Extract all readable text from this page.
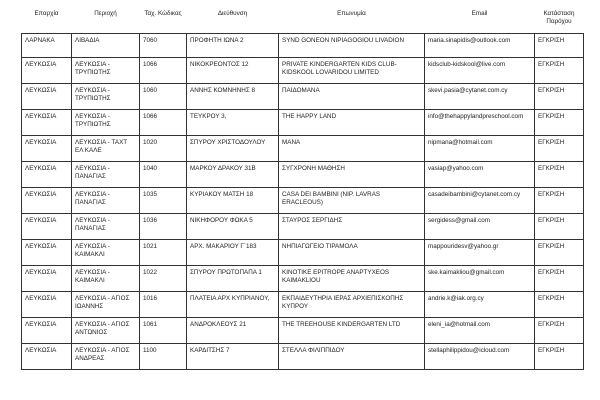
Επαρχία	Περιοχή	Ταχ. Κώδικας	Διεύθυνση	Επωνυμία	Email	Κατάσταση Παρόχου
ΛΑΡΝΑΚΑ	ΛΙΒΑΔΙΑ	7060	ΠΡΟΦΗΤΗ ΙΩΝΑ 2	SYND GONEON NIPIAGOGIOU LIVADION	maria.sinapidis@outlook.com	ΕΓΚΡΙΣΗ
ΛΕΥΚΩΣΙΑ	ΛΕΥΚΩΣΙΑ - ΤΡΥΠΙΩΤΗΣ	1066	ΝΙΚΟΚΡΕΟΝΤΟΣ 12	PRIVATE KINDERGARTEN KIDS CLUB-KIDSKOOL LOVARIDOU LIMITED	kidsclub-kidskool@live.com	ΕΓΚΡΙΣΗ
ΛΕΥΚΩΣΙΑ	ΛΕΥΚΩΣΙΑ - ΤΡΥΠΙΩΤΗΣ	1060	ΑΝΝΗΣ ΚΟΜΝΗΝΗΣ 8	ΠΑΙΔΟΜΑΝΑ	skevi.pasia@cytanet.com.cy	ΕΓΚΡΙΣΗ
ΛΕΥΚΩΣΙΑ	ΛΕΥΚΩΣΙΑ - ΤΡΥΠΙΩΤΗΣ	1066	ΤΕΥΚΡΟΥ 3,	THE HAPPY LAND	info@thehappylandpreschool.com	ΕΓΚΡΙΣΗ
ΛΕΥΚΩΣΙΑ	ΛΕΥΚΩΣΙΑ - ΤΑΧΤ ΕΛ ΚΑΛΕ	1020	ΣΠΥΡΟΥ ΧΡΙΣΤΟΔΟΥΛΟΥ	ΜΑΝΑ	nipmana@hotmail.com	ΕΓΚΡΙΣΗ
ΛΕΥΚΩΣΙΑ	ΛΕΥΚΩΣΙΑ - ΠΑΝΑΓΙΑΣ	1040	ΜΑΡΚΟΥ ΔΡΑΚΟΥ 31Β	ΣΥΓΧΡΟΝΗ ΜΑΘΗΣΗ	vasiap@yahoo.com	ΕΓΚΡΙΣΗ
ΛΕΥΚΩΣΙΑ	ΛΕΥΚΩΣΙΑ - ΠΑΝΑΓΙΑΣ	1035	ΚΥΡΙΑΚΟΥ ΜΑΤΣΗ 18	CASA DEI BAMBINI (NIP. LAVRAS ERACLEOUS)	casadeibambini@cytanet.com.cy	ΕΓΚΡΙΣΗ
ΛΕΥΚΩΣΙΑ	ΛΕΥΚΩΣΙΑ - ΠΑΝΑΓΙΑΣ	1036	ΝΙΚΗΦΟΡΟΥ ΦΩΚΑ 5	ΣΤΑΥΡΟΣ ΣΕΡΓΙΔΗΣ	sergidess@gmail.com	ΕΓΚΡΙΣΗ
ΛΕΥΚΩΣΙΑ	ΛΕΥΚΩΣΙΑ - ΚΑΙΜΑΚΛΙ	1021	ΑΡΧ. ΜΑΚΑΡΙΟΥ Γ΄183	ΝΗΠΙΑΓΩΓΕΙΟ ΤΙΡΑΜΟΛΑ	mappouridesv@yahoo.gr	ΕΓΚΡΙΣΗ
ΛΕΥΚΩΣΙΑ	ΛΕΥΚΩΣΙΑ - ΚΑΙΜΑΚΛΙ	1022	ΣΠΥΡΟΥ ΠΡΩΤΟΠΑΠΑ 1	KINOTIKE EPITROPE ANAPTYXEOS KAIMAKLIOU	ske.kaimakliou@gmail.com	ΕΓΚΡΙΣΗ
ΛΕΥΚΩΣΙΑ	ΛΕΥΚΩΣΙΑ - ΑΓΙΟΣ ΙΩΑΝΝΗΣ	1016	ΠΛΑΤΕΙΑ ΑΡΧ ΚΥΠΡΙΑΝΟΥ,	ΕΚΠΑΙΔΕΥΤΗΡΙΑ ΙΕΡΑΣ ΑΡΧΙΕΠΙΣΚΟΠΗΣ ΚΥΠΡΟΥ	andrie.k@iak.org.cy	ΕΓΚΡΙΣΗ
ΛΕΥΚΩΣΙΑ	ΛΕΥΚΩΣΙΑ - ΑΓΙΟΣ ΑΝΤΩΝΙΟΣ	1061	ΑΝΔΡΟΚΛΕΟΥΣ 21	THE TREEHOUSE KINDERGARTEN LTD	eleni_ia@hotmail.com	ΕΓΚΡΙΣΗ
ΛΕΥΚΩΣΙΑ	ΛΕΥΚΩΣΙΑ - ΑΓΙΟΣ ΑΝΔΡΕΑΣ	1100	ΚΑΡΔΙΤΣΗΣ 7	ΣΤΕΛΛΑ ΦΙΛΙΠΠΙΔΟΥ	stellaphilippidou@icloud.com	ΕΓΚΡΙΣΗ
